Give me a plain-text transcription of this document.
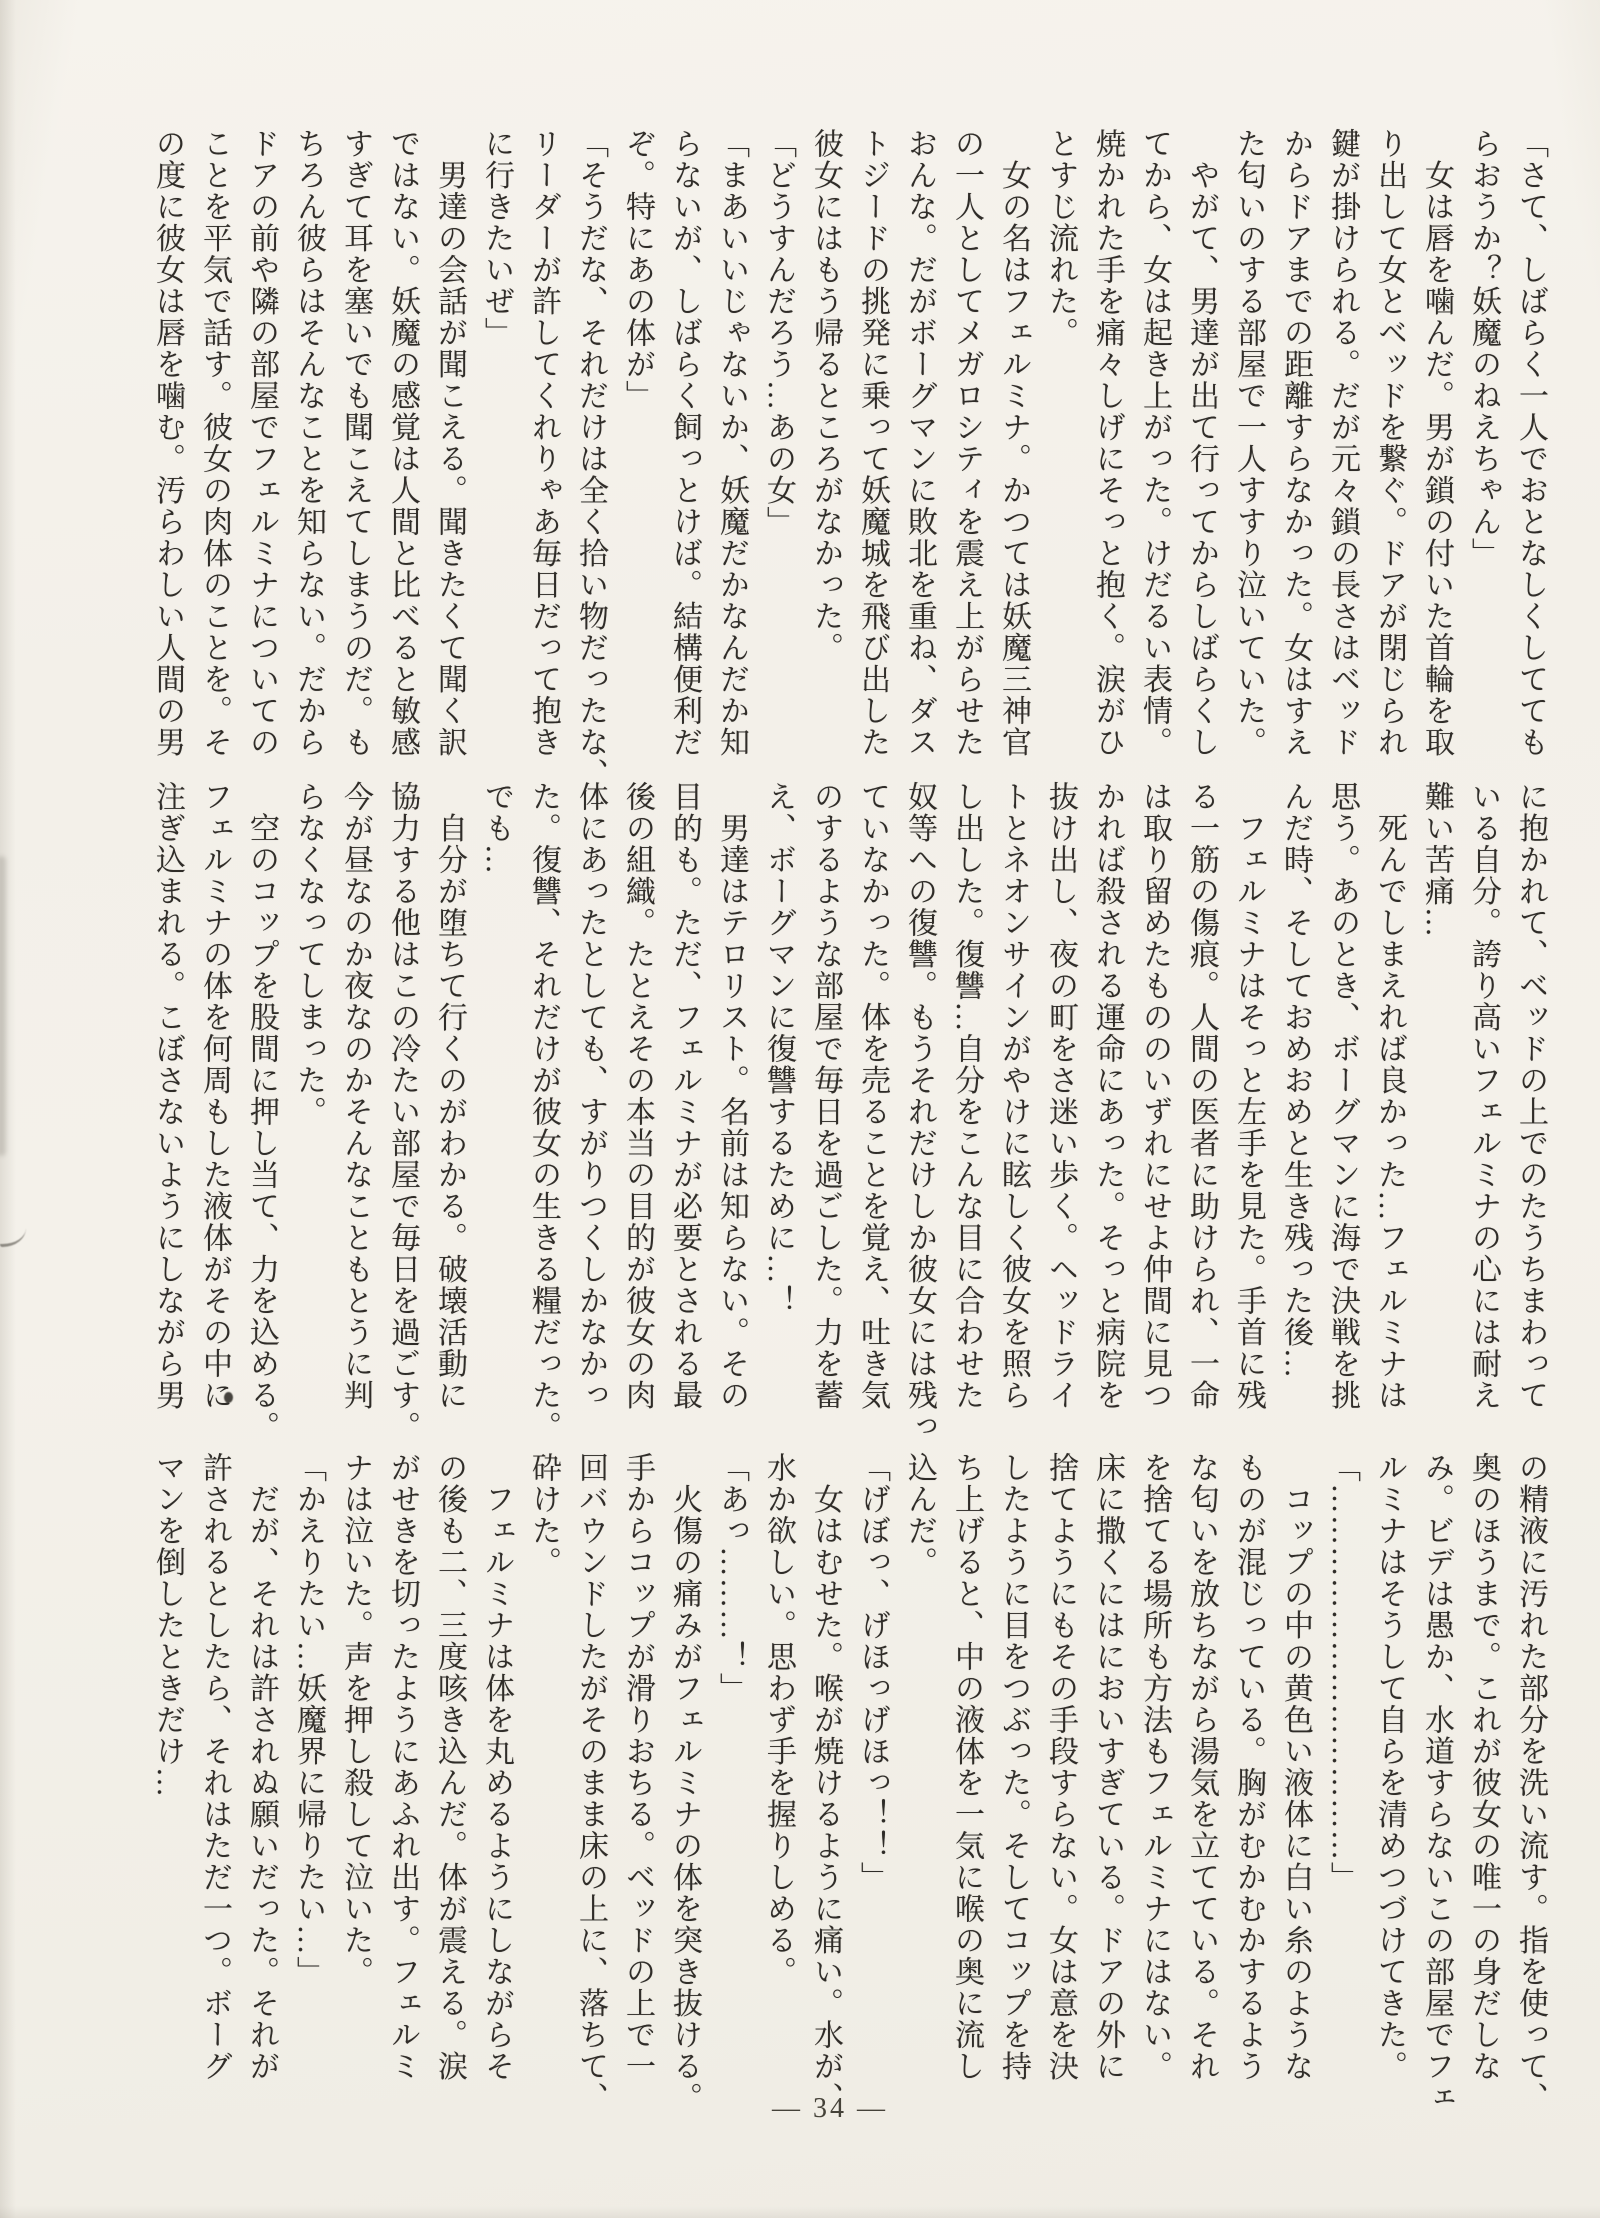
「さて、しばらく一人でおとなしくしてても
らおうか？妖魔のねえちゃん」
　女は唇を噛んだ。男が鎖の付いた首輪を取
り出して女とベッドを繋ぐ。ドアが閉じられ
鍵が掛けられる。だが元々鎖の長さはベッド
からドアまでの距離すらなかった。女はすえ
た匂いのする部屋で一人すすり泣いていた。
　やがて、男達が出て行ってからしばらくし
てから、女は起き上がった。けだるい表情。
焼かれた手を痛々しげにそっと抱く。涙がひ
とすじ流れた。
　女の名はフェルミナ。かつては妖魔三神官
の一人としてメガロシティを震え上がらせた
おんな。だがボーグマンに敗北を重ね、ダス
トジードの挑発に乗って妖魔城を飛び出した
彼女にはもう帰るところがなかった。
「どうすんだろう…あの女」
「まあいいじゃないか、妖魔だかなんだか知
らないが、しばらく飼っとけば。結構便利だ
ぞ。特にあの体が」
「そうだな、それだけは全く拾い物だったな、
リーダーが許してくれりゃあ毎日だって抱き
に行きたいぜ」
　男達の会話が聞こえる。聞きたくて聞く訳
ではない。妖魔の感覚は人間と比べると敏感
すぎて耳を塞いでも聞こえてしまうのだ。も
ちろん彼らはそんなことを知らない。だから
ドアの前や隣の部屋でフェルミナについての
ことを平気で話す。彼女の肉体のことを。そ
の度に彼女は唇を噛む。汚らわしい人間の男
に抱かれて、ベッドの上でのたうちまわって
いる自分。誇り高いフェルミナの心には耐え
難い苦痛…
　死んでしまえれば良かった…フェルミナは
思う。あのとき、ボーグマンに海で決戦を挑
んだ時、そしておめおめと生き残った後…
　フェルミナはそっと左手を見た。手首に残
る一筋の傷痕。人間の医者に助けられ、一命
は取り留めたもののいずれにせよ仲間に見つ
かれば殺される運命にあった。そっと病院を
抜け出し、夜の町をさ迷い歩く。ヘッドライ
トとネオンサインがやけに眩しく彼女を照ら
し出した。復讐…自分をこんな目に合わせた
奴等への復讐。もうそれだけしか彼女には残っ
ていなかった。体を売ることを覚え、吐き気
のするような部屋で毎日を過ごした。力を蓄
え、ボーグマンに復讐するために…！
　男達はテロリスト。名前は知らない。その
目的も。ただ、フェルミナが必要とされる最
後の組織。たとえその本当の目的が彼女の肉
体にあったとしても、すがりつくしかなかっ
た。復讐、それだけが彼女の生きる糧だった。
でも…
　自分が堕ちて行くのがわかる。破壊活動に
協力する他はこの冷たい部屋で毎日を過ごす。
今が昼なのか夜なのかそんなこともとうに判
らなくなってしまった。
　空のコップを股間に押し当て、力を込める。
フェルミナの体を何周もした液体がその中に
注ぎ込まれる。こぼさないようにしながら男
の精液に汚れた部分を洗い流す。指を使って、
奥のほうまで。これが彼女の唯一の身だしな
み。ビデは愚か、水道すらないこの部屋でフェ
ルミナはそうして自らを清めつづけてきた。
「………………………………」
　コップの中の黄色い液体に白い糸のような
ものが混じっている。胸がむかむかするよう
な匂いを放ちながら湯気を立てている。それ
を捨てる場所も方法もフェルミナにはない。
床に撒くにはにおいすぎている。ドアの外に
捨てようにもその手段すらない。女は意を決
したように目をつぶった。そしてコップを持
ち上げると、中の液体を一気に喉の奥に流し
込んだ。
「げぼっ、げほっげほっ！！」
　女はむせた。喉が焼けるように痛い。水が、
水か欲しい。思わず手を握りしめる。
「あっ………！」
　火傷の痛みがフェルミナの体を突き抜ける。
手からコップが滑りおちる。ベッドの上で一
回バウンドしたがそのまま床の上に、落ちて、
砕けた。
　フェルミナは体を丸めるようにしながらそ
の後も二、三度咳き込んだ。体が震える。涙
がせきを切ったようにあふれ出す。フェルミ
ナは泣いた。声を押し殺して泣いた。
「かえりたい…妖魔界に帰りたい…」
　だが、それは許されぬ願いだった。それが
許されるとしたら、それはただ一つ。ボーグ
マンを倒したときだけ…
— 34 —
